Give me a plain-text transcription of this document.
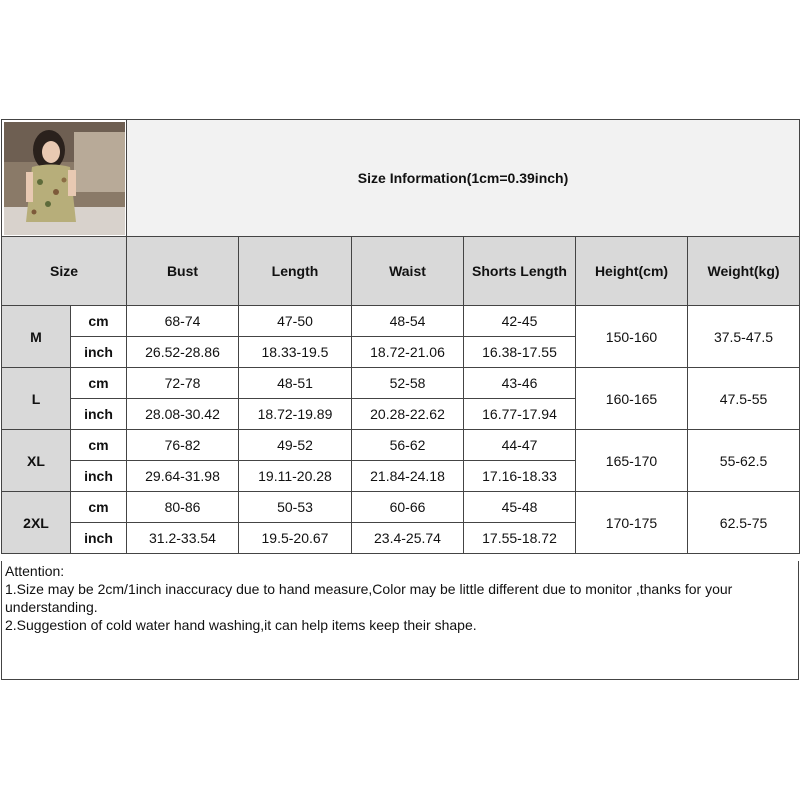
	Size Information(1cm=0.39inch)					
Size		Bust	Length	Waist	Shorts Length	Height(cm)	Weight(kg)
M	cm	68-74	47-50	48-54	42-45	150-160	37.5-47.5
	inch	26.52-28.86	18.33-19.5	18.72-21.06	16.38-17.55		
L	cm	72-78	48-51	52-58	43-46	160-165	47.5-55
	inch	28.08-30.42	18.72-19.89	20.28-22.62	16.77-17.94		
XL	cm	76-82	49-52	56-62	44-47	165-170	55-62.5
	inch	29.64-31.98	19.11-20.28	21.84-24.18	17.16-18.33		
2XL	cm	80-86	50-53	60-66	45-48	170-175	62.5-75
	inch	31.2-33.54	19.5-20.67	23.4-25.74	17.55-18.72		
Attention:
1.Size may be 2cm/1inch inaccuracy due to hand measure,Color may be little different due to monitor ,thanks for your understanding.
2.Suggestion of cold water hand washing,it can help items keep their shape.
